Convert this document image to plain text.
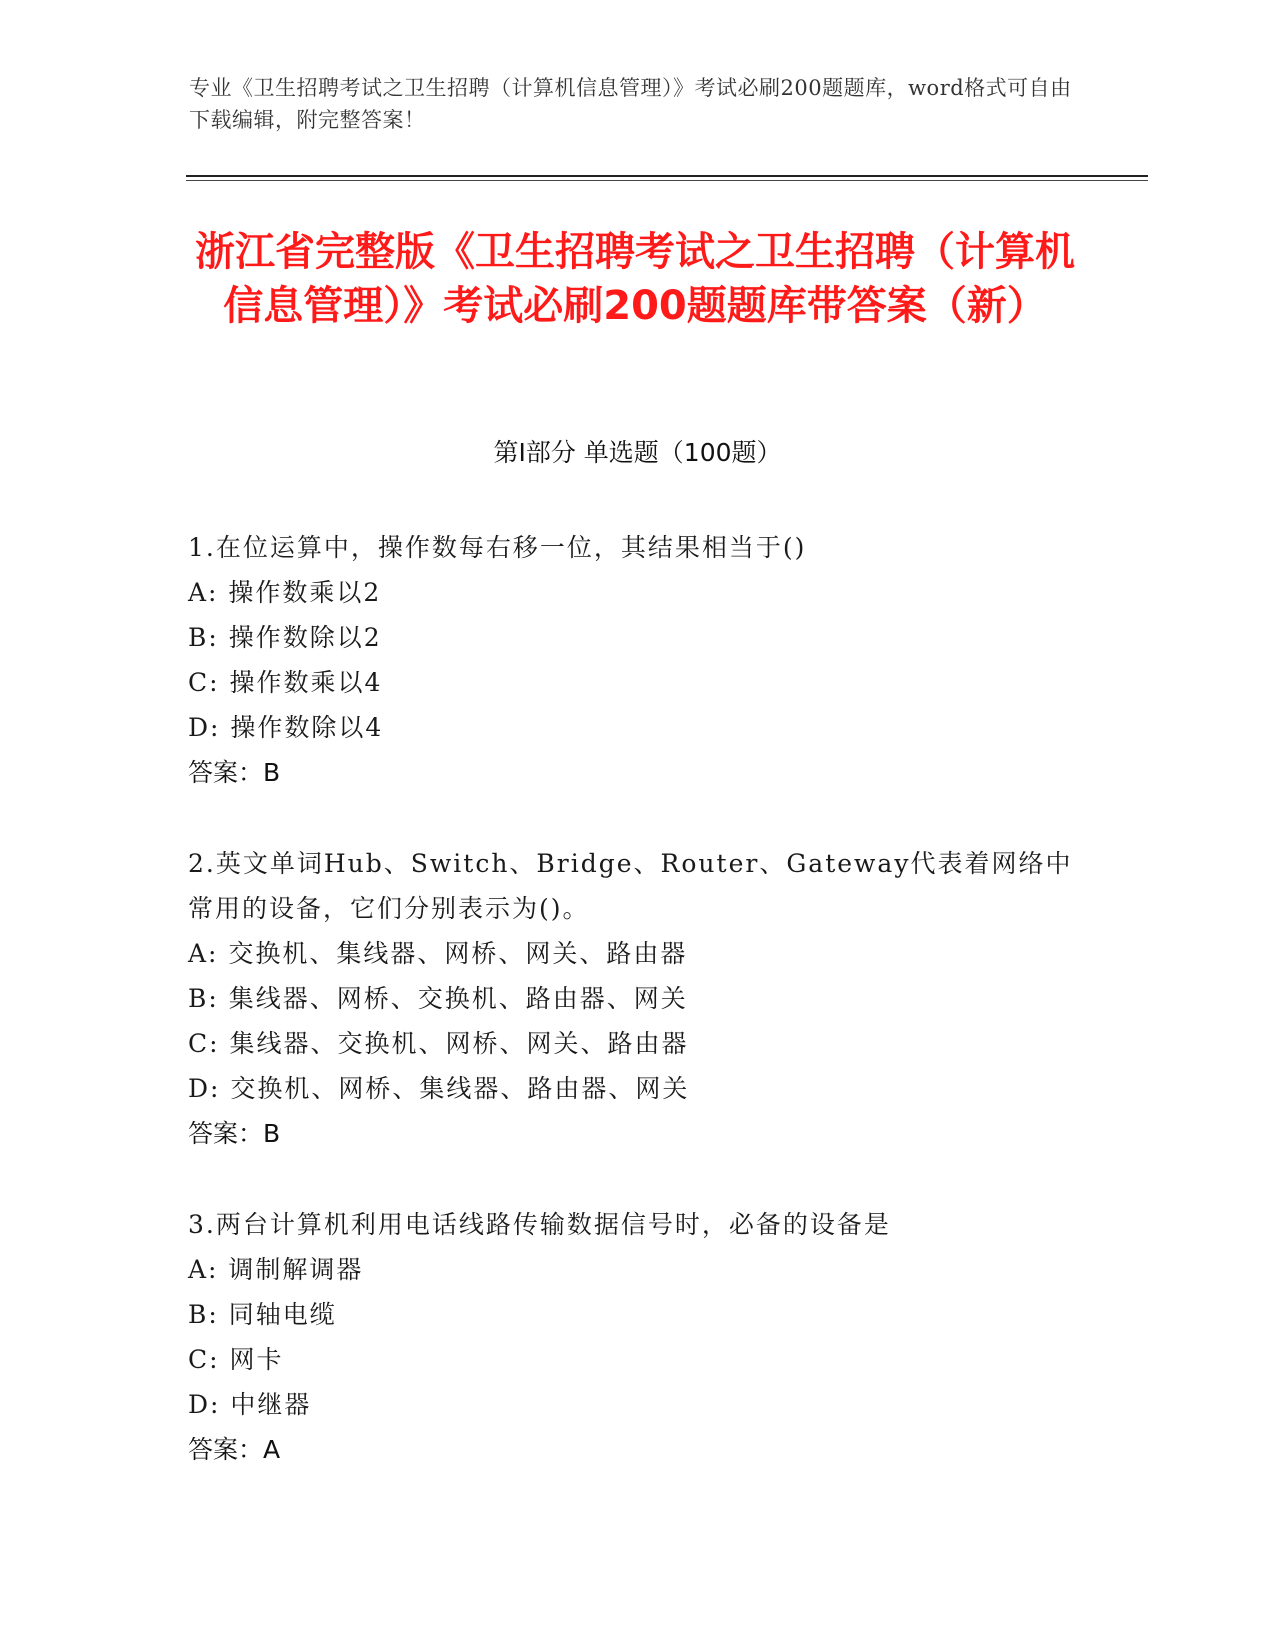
专业《卫生招聘考试之卫生招聘（计算机信息管理）》考试必刷200题题库，word格式可自由下载编辑，附完整答案！
浙江省完整版《卫生招聘考试之卫生招聘（计算机信息管理）》考试必刷200题题库带答案（新）
第Ⅰ部分 单选题（100题）
1.在位运算中，操作数每右移一位，其结果相当于()
A: 操作数乘以2
B: 操作数除以2
C: 操作数乘以4
D: 操作数除以4
答案：B
2.英文单词Hub、Switch、Bridge、Router、Gateway代表着网络中常用的设备，它们分别表示为()。
A: 交换机、集线器、网桥、网关、路由器
B: 集线器、网桥、交换机、路由器、网关
C: 集线器、交换机、网桥、网关、路由器
D: 交换机、网桥、集线器、路由器、网关
答案：B
3.两台计算机利用电话线路传输数据信号时，必备的设备是
A: 调制解调器
B: 同轴电缆
C: 网卡
D: 中继器
答案：A
